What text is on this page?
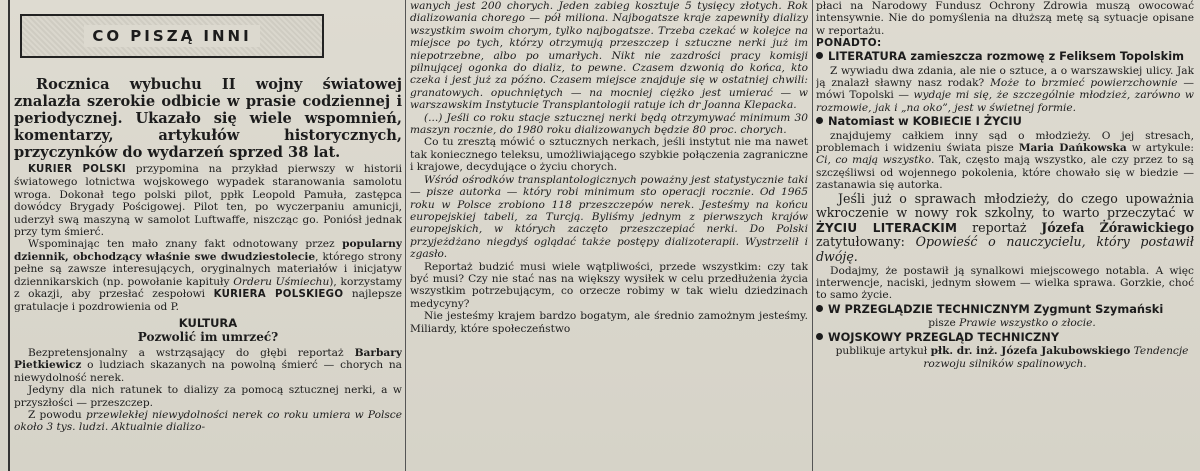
CO PISZĄ INNI

Rocznica wybuchu II wojny światowej znalazła szerokie odbicie w prasie codziennej i periodycznej. Ukazało się wiele wspomnień, komentarzy, artykułów historycznych, przyczynków do wydarzeń sprzed 38 lat.

KURIER POLSKI przypomina na przykład pierwszy w historii światowego lotnictwa wojskowego wypadek staranowania samolotu wroga. Dokonał tego polski pilot, ppłk Leopold Pamuła, zastępca dowódcy Brygady Pościgowej. Pilot ten, po wyczerpaniu amunicji, uderzył swą maszyną w samolot Luftwaffe, niszcząc go. Poniósł jednak przy tym śmierć.

Wspominając ten mało znany fakt odnotowany przez popularny dziennik, obchodzący właśnie swe dwudziestolecie, którego strony pełne są zawsze interesujących, oryginalnych materiałów i inicjatyw dziennikarskich (np. powołanie kapituły Orderu Uśmiechu), korzystamy z okazji, aby przesłać zespołowi KURIERA POLSKIEGO najlepsze gratulacje i pozdrowienia od P.

KULTURA
Pozwolić im umrzeć?

Bezpretensjonalny a wstrząsający do głębi reportaż Barbary Pietkiewicz o ludziach skazanych na powolną śmierć — chorych na niewydolność nerek.

Jedyny dla nich ratunek to dializy za pomocą sztucznej nerki, a w przyszłości — przeszczep.

Z powodu przewlekłej niewydolności nerek co roku umiera w Polsce około 3 tys. ludzi. Aktualnie dializo-

wanych jest 200 chorych. Jeden zabieg kosztuje 5 tysięcy złotych. Rok dializowania chorego — pół miliona. Najbogatsze kraje zapewniły dializy wszystkim swoim chorym, tylko najbogatsze. Trzeba czekać w kolejce na miejsce po tych, którzy otrzymują przeszczep i sztuczne nerki już im niepotrzebne, albo po umarłych. Nikt nie zazdrości pracy komisji pilnującej ogonka do dializ, to pewne. Czasem dzwonią do końca, kto czeka i jest już za późno. Czasem miejsce znajduje się w ostatniej chwili: granatowych. opuchniętych — na mocniej ciężko jest umierać — w warszawskim Instytucie Transplantologii ratuje ich dr Joanna Klepacka.

(...) Jeśli co roku stacje sztucznej nerki będą otrzymywać minimum 30 maszyn rocznie, do 1980 roku dializowanych będzie 80 proc. chorych.

Co tu zresztą mówić o sztucznych nerkach, jeśli instytut nie ma nawet tak koniecznego teleksu, umożliwiającego szybkie połączenia zagraniczne i krajowe, decydujące o życiu chorych.

Wśród ośrodków transplantologicznych poważny jest statystycznie taki — pisze autorka — który robi minimum sto operacji rocznie. Od 1965 roku w Polsce zrobiono 118 przeszczepów nerek. Jesteśmy na końcu europejskiej tabeli, za Turcją. Byliśmy jednym z pierwszych krajów europejskich, w których zaczęto przeszczepiać nerki. Do Polski przyjeżdżano niegdyś oglądać także postępy dializoterapii. Wystrzelił i zgasło.

Reportaż budzić musi wiele wątpliwości, przede wszystkim: czy tak być musi? Czy nie stać nas na większy wysiłek w celu przedłużenia życia wszystkim potrzebującym, co orzecze robimy w tak wielu dziedzinach medycyny?

Nie jesteśmy krajem bardzo bogatym, ale średnio zamożnym jesteśmy. Miliardy, które społeczeństwo

płaci na Narodowy Fundusz Ochrony Zdrowia muszą owocować intensywnie. Nie do pomyślenia na dłuższą metę są sytuacje opisane w reportażu.

PONADTO:
LITERATURA zamieszcza rozmowę z Feliksem Topolskim

Z wywiadu dwa zdania, ale nie o sztuce, a o warszawskiej ulicy. Jak ją znalazł sławny nasz rodak? Może to brzmieć powierzchownie — mówi Topolski — wydaje mi się, że szczególnie młodzież, zarówno w rozmowie, jak i „na oko”, jest w świetnej formie.

Natomiast w KOBIECIE I ŻYCIU

znajdujemy całkiem inny sąd o młodzieży. O jej stresach, problemach i widzeniu świata pisze Maria Dańkowska w artykule: Ci, co mają wszystko. Tak, często mają wszystko, ale czy przez to są szczęśliwsi od wojennego pokolenia, które chowało się w biedzie — zastanawia się autorka.

Jeśli już o sprawach młodzieży, do czego upoważnia wkroczenie w nowy rok szkolny, to warto przeczytać w ŻYCIU LITERACKIM reportaż Józefa Żórawickiego zatytułowany: Opowieść o nauczycielu, który postawił dwóję.

Dodajmy, że postawił ją synalkowi miejscowego notabla. A więc interwencje, naciski, jednym słowem — wielka sprawa. Gorzkie, choć to samo życie.

W PRZEGLĄDZIE TECHNICZNYM Zygmunt Szymański

pisze Prawie wszystko o złocie.

WOJSKOWY PRZEGLĄD TECHNICZNY

publikuje artykuł płk. dr. inż. Józefa Jakubowskiego Tendencje rozwoju silników spalinowych.
